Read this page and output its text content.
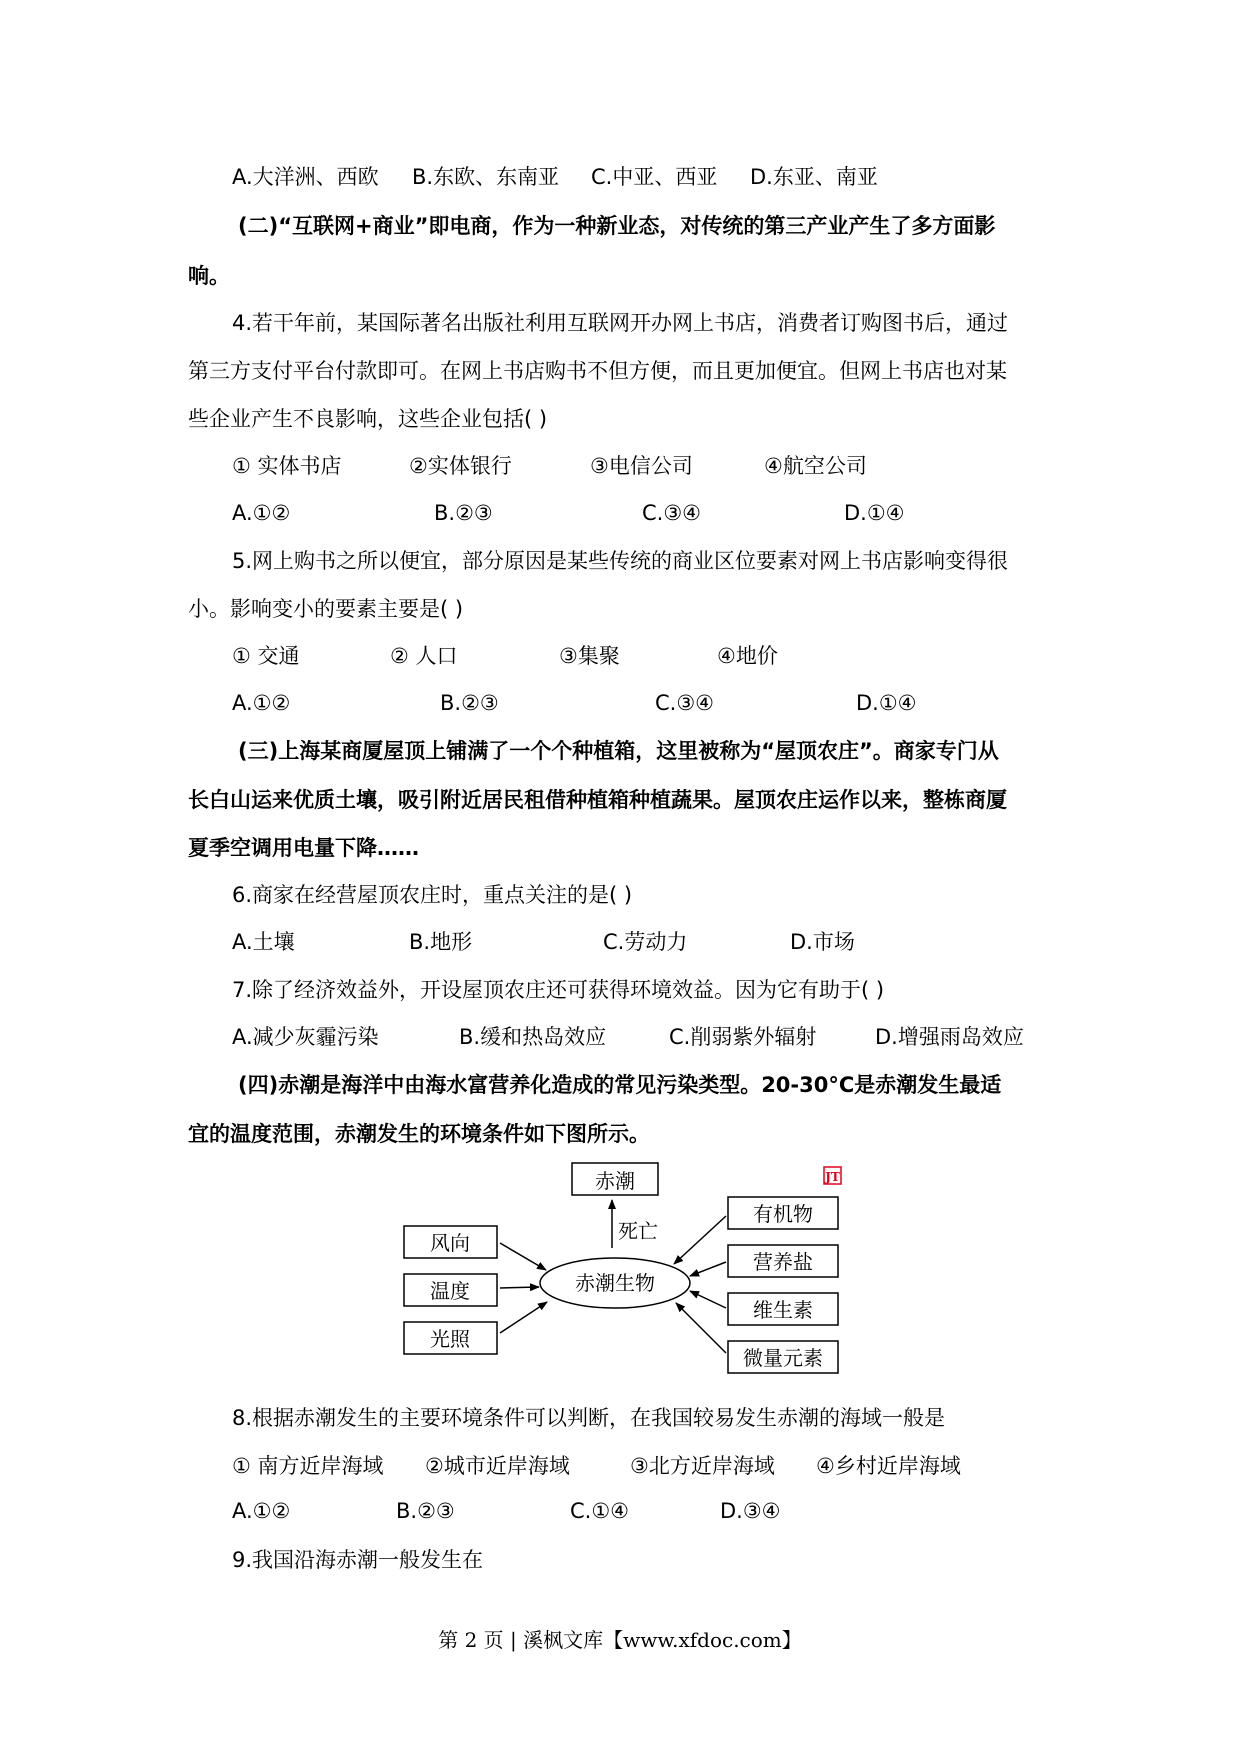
A.大洋洲、西欧 B.东欧、东南亚 C.中亚、西亚 D.东亚、南亚
(二)“互联网+商业”即电商，作为一种新业态，对传统的第三产业产生了多方面影
响。
4.若干年前，某国际著名出版社利用互联网开办网上书店，消费者订购图书后，通过
第三方支付平台付款即可。在网上书店购书不但方便，而且更加便宜。但网上书店也对某
些企业产生不良影响，这些企业包括( )
① 实体书店	②实体银行	③电信公司	④航空公司
A.①②	B.②③	C.③④	D.①④
5.网上购书之所以便宜，部分原因是某些传统的商业区位要素对网上书店影响变得很
小。影响变小的要素主要是( )
① 交通	② 人口	③集聚	④地价
A.①②	B.②③	C.③④	D.①④
(三)上海某商厦屋顶上铺满了一个个种植箱，这里被称为“屋顶农庄”。商家专门从
长白山运来优质土壤，吸引附近居民租借种植箱种植蔬果。屋顶农庄运作以来，整栋商厦
夏季空调用电量下降……
6.商家在经营屋顶农庄时，重点关注的是( )
A.土壤	B.地形	C.劳动力	D.市场
7.除了经济效益外，开设屋顶农庄还可获得环境效益。因为它有助于( )
A.减少灰霾污染	B.缓和热岛效应	C.削弱紫外辐射	D.增强雨岛效应
(四)赤潮是海洋中由海水富营养化造成的常见污染类型。20-30°C是赤潮发生最适
宜的温度范围，赤潮发生的环境条件如下图所示。
赤潮
死亡
JT
赤潮生物
风向
温度
光照
有机物
营养盐
维生素
微量元素
8.根据赤潮发生的主要环境条件可以判断，在我国较易发生赤潮的海域一般是
① 南方近岸海域 ②城市近岸海域	③北方近岸海域 ④乡村近岸海域
A.①②	B.②③	C.①④	D.③④
9.我国沿海赤潮一般发生在
第 2 页 | 溪枫文库【www.xfdoc.com】
